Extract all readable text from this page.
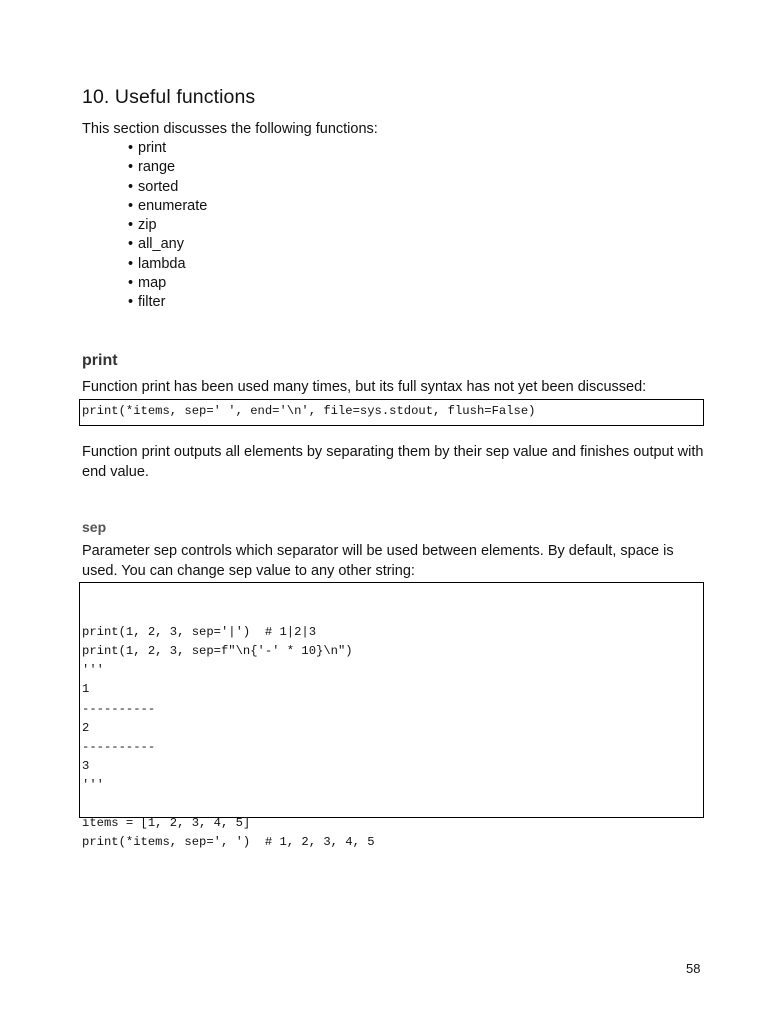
10. Useful functions

This section discusses the following functions:

• print
• range
• sorted
• enumerate
• zip
• all_any
• lambda
• map
• filter
print

Function print has been used many times, but its full syntax has not yet been discussed:

print(*items, sep=' ', end='\n', file=sys.stdout, flush=False)

Function print outputs all elements by separating them by their sep value and finishes output with end value.

sep

Parameter sep controls which separator will be used between elements. By default, space is used. You can change sep value to any other string:

print(1, 2, 3, sep='|')  # 1|2|3
print(1, 2, 3, sep=f"\n{'-' * 10}\n")
'''
1
----------
2
----------
3
'''
items = [1, 2, 3, 4, 5]
print(*items, sep=', ')  # 1, 2, 3, 4, 5

58
